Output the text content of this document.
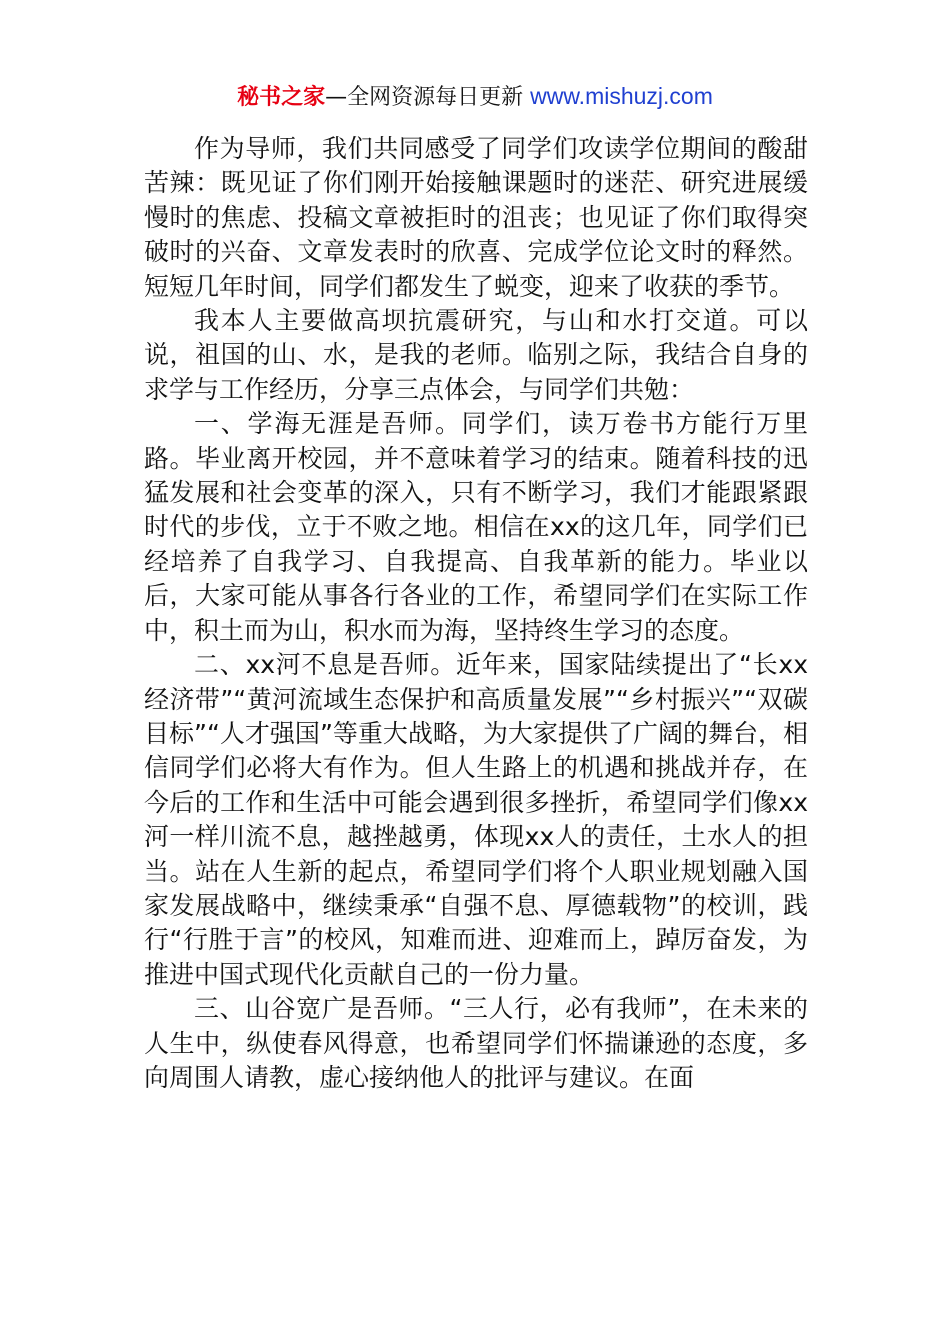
秘书之家—全网资源每日更新 www.mishuzj.com

作为导师，我们共同感受了同学们攻读学位期间的酸甜苦辣：既见证了你们刚开始接触课题时的迷茫、研究进展缓慢时的焦虑、投稿文章被拒时的沮丧；也见证了你们取得突破时的兴奋、文章发表时的欣喜、完成学位论文时的释然。短短几年时间，同学们都发生了蜕变，迎来了收获的季节。

我本人主要做高坝抗震研究，与山和水打交道。可以说，祖国的山、水，是我的老师。临别之际，我结合自身的求学与工作经历，分享三点体会，与同学们共勉：

一、学海无涯是吾师。同学们，读万卷书方能行万里路。毕业离开校园，并不意味着学习的结束。随着科技的迅猛发展和社会变革的深入，只有不断学习，我们才能跟紧跟时代的步伐，立于不败之地。相信在xx的这几年，同学们已经培养了自我学习、自我提高、自我革新的能力。毕业以后，大家可能从事各行各业的工作，希望同学们在实际工作中，积土而为山，积水而为海，坚持终生学习的态度。

二、xx河不息是吾师。近年来，国家陆续提出了“长xx经济带”“黄河流域生态保护和高质量发展”“乡村振兴”“双碳目标”“人才强国”等重大战略，为大家提供了广阔的舞台，相信同学们必将大有作为。但人生路上的机遇和挑战并存，在今后的工作和生活中可能会遇到很多挫折，希望同学们像xx河一样川流不息，越挫越勇，体现xx人的责任，土水人的担当。站在人生新的起点，希望同学们将个人职业规划融入国家发展战略中，继续秉承“自强不息、厚德载物”的校训，践行“行胜于言”的校风，知难而进、迎难而上，踔厉奋发，为推进中国式现代化贡献自己的一份力量。

三、山谷宽广是吾师。“三人行，必有我师”，在未来的人生中，纵使春风得意，也希望同学们怀揣谦逊的态度，多向周围人请教，虚心接纳他人的批评与建议。在面
